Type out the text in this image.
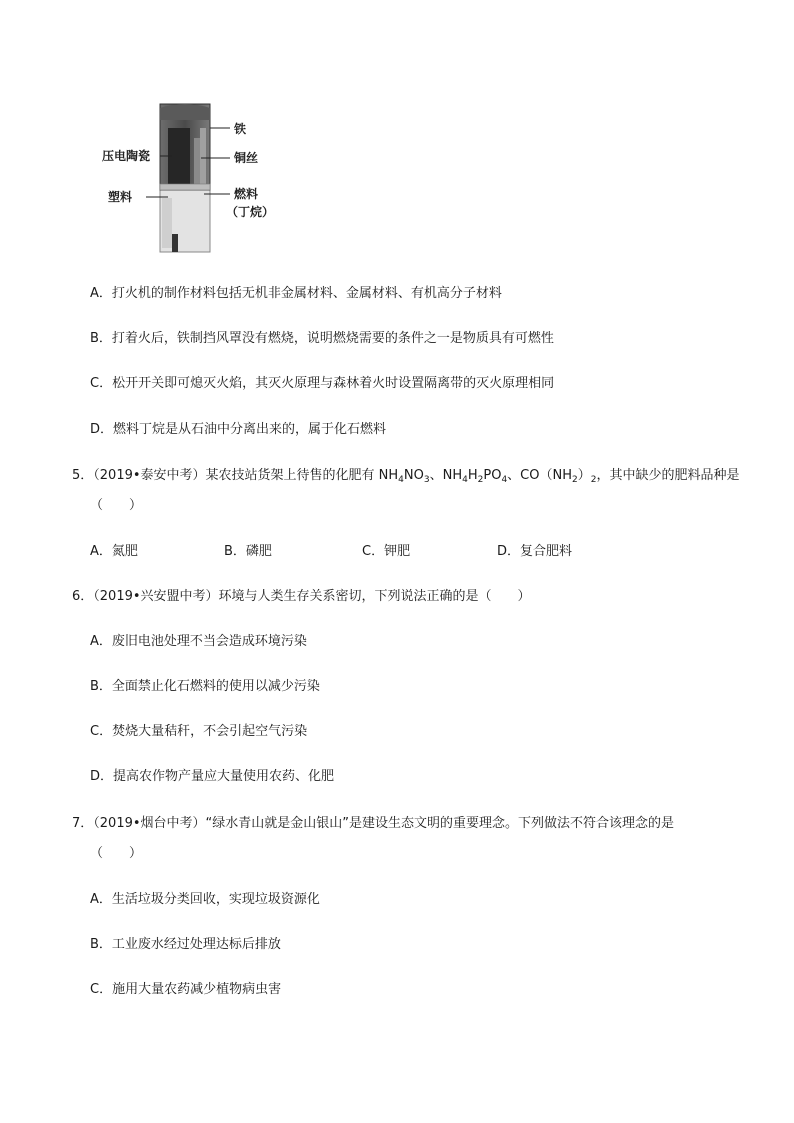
铁
压电陶瓷	铜丝
塑料	燃料
（丁烷）
A．打火机的制作材料包括无机非金属材料、金属材料、有机高分子材料
B．打着火后，铁制挡风罩没有燃烧，说明燃烧需要的条件之一是物质具有可燃性
C．松开开关即可熄灭火焰，其灭火原理与森林着火时设置隔离带的灭火原理相同
D．燃料丁烷是从石油中分离出来的，属于化石燃料
5．（2019•泰安中考）某农技站货架上待售的化肥有 $NH_4NO_3$、$NH_4H_2PO_4$、$CO(NH_2)_2$，其中缺少的肥料品种是
（　　）
A．氮肥	B．磷肥	C．钾肥	D．复合肥料
6．（2019•兴安盟中考）环境与人类生存关系密切，下列说法正确的是（　　）
A．废旧电池处理不当会造成环境污染
B．全面禁止化石燃料的使用以减少污染
C．焚烧大量秸秆，不会引起空气污染
D．提高农作物产量应大量使用农药、化肥
7．（2019•烟台中考）“绿水青山就是金山银山”是建设生态文明的重要理念。下列做法不符合该理念的是
（　　）
A．生活垃圾分类回收，实现垃圾资源化
B．工业废水经过处理达标后排放
C．施用大量农药减少植物病虫害
